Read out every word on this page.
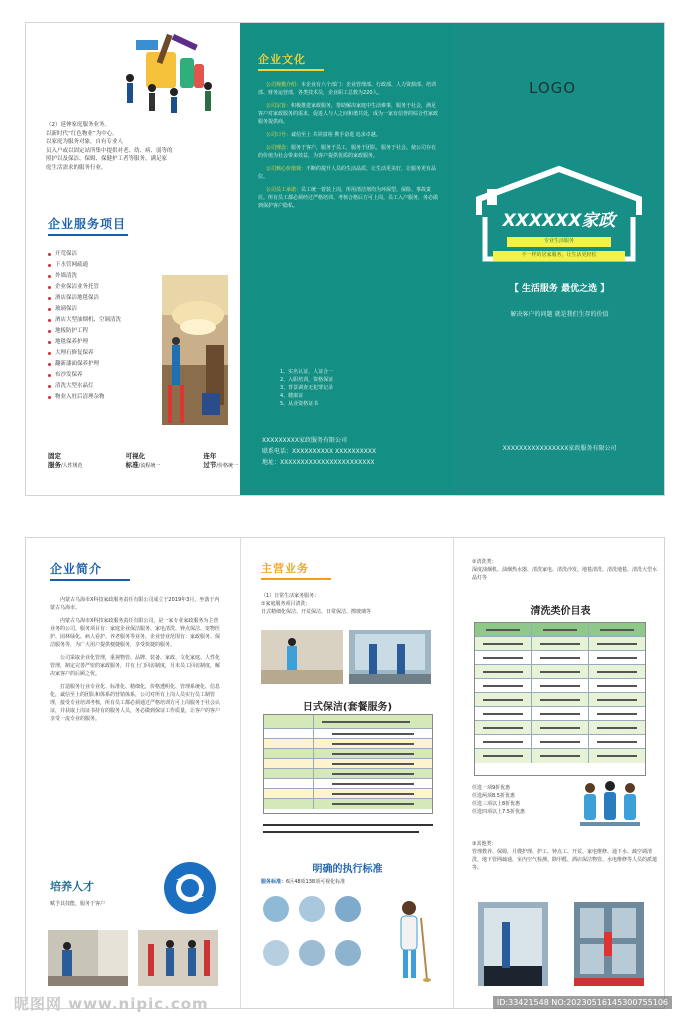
（2）延伸家庭服务业务。
以新时代“红色物业”为中心。
以家庭为服务对象，自有专业人
员入户或以固定站所集中提供对老、幼、病、弱等的
照护以及保洁、保姆、保健护工者等服务，满足家
庭生活需求的服务行业。
企业服务项目
开荒保洁
下水管网疏通
外墙清洗
企业保洁业务托管
酒店保洁地毯保洁
玻璃保洁
酒店大型油烟机、空调清洗
地板防护工程
地毯保养护理
大理石修复保养
翻新漆面保养护理
布沙发保养
清洗大型水晶灯
物业入驻后清理杂物
固定
服务/人性规范
可视化
标准/流程统一
连年
过节/价格统一
企业文化

公司规模介绍：本企业有六个部门：企业管理部、行政部、人力资源部、培训部、财务运营部，各类技术员，企业职工总数为220人。

公司宗旨：积极推进家政服务，帮助解决家庭中生活难事，服务于社会，满足客户对家政服务的需求，促进人与人之间和谐共处，成为一家有信誉的综合性家政服务提供商。

公司口号：诚信至上 共同富裕 携手奋进 追求卓越。

公司理念：服务于客户，服务于员工，服务于团队，服务于社会。使公司存在的价值为社会带来效益，为客户提供优质的家政服务。

公司核心价值观：不断的提升人员的生活品质，让生活更美好，让服务更有品位。

公司员工承诺：员工统一着装上岗，所用清洁剂均为环保型、保险、事故责任。所有员工都必须经过严格培训、考核合格后方可上岗。员工入户服务，务必做到保护客户隐私。

1、实名认证，人证合一
2、入职培训，资格保证
3、背景调查无犯罪记录
4、健康证
5、从业资格证书
XXXXXXXXX家政服务有限公司
联系电话：XXXXXXXXXX XXXXXXXXXX
地址：XXXXXXXXXXXXXXXXXXXXXXX
LOGO
XXXXXX家政
专业生活服务
不一样的居家服务，让生活更轻松
【 生活服务 最优之选 】
解决客户的问题 就是我们生存的价值
XXXXXXXXXXXXXXXX家政服务有限公司
企业简介

内蒙古乌海市X科技家政服务责任有限公司成立于2019年3月，坐落于内蒙古乌海市。

内蒙古乌海市X科技家政服务责任有限公司，是一家专业家政服务为主营业务的公司，服务项目有：家庭企业保洁服务、家电清洗、钟点保洁、宠物医护、园林绿化、病人看护、养老服务等业务，企业营业范围有：家政服务、保洁服务等，为广大用户提供便捷服务，享受快捷的服务。

公司采取企业化管理，重视物管、品牌、装备、家政、文化家庭、人性化管理，制定完善严密的家政服务，并有上门回访制度，月末员工回访制度，解决家客户的后顾之忧。

打造服务行业专业化、标准化、精细化，价格透明化、管理系统化、信息化，诚信至上的团队和体系的营销体系，公司对所有上岗人员实行员工制管理，接受专业培训考核，所有员工都必须通过严格培训方可上岗服务于社会认证，并获取上岗证书持有的服务人员，务必做到保证工作质量，让客户的客户享受一流专业的服务。

培养人才
赋予其技能，服务于客户
主营业务
（1）日常生活家务服务：
①家庭服务项目清洗：
日式精细化保洁、开荒保洁、日常保洁、擦玻璃等
日式保洁(套餐服务)
明确的执行标准
服务标准：6区48项138项可视化标准
②清洗类：
深度油烟机、油烟热水器、清洗家电、清洗沙发、地毯清洗、清洗地毯、清洗大型水晶灯等
清洗类价目表
任选一项9折优惠
任选两项8.5折优惠
任选三项以上8折优惠
任选四项以上7.5折优惠
③其他类：
管理教养、保姆、月嫂护理、护工、钟点工、开荒、家电维修、通下水、疏空调清洗，地下管网疏通、室内空气检测、除甲醛、酒店保洁物管、水电维修等人员的派遣等。
昵图网 www.nipic.com	ID:33421548 NO:20230516145300755106
